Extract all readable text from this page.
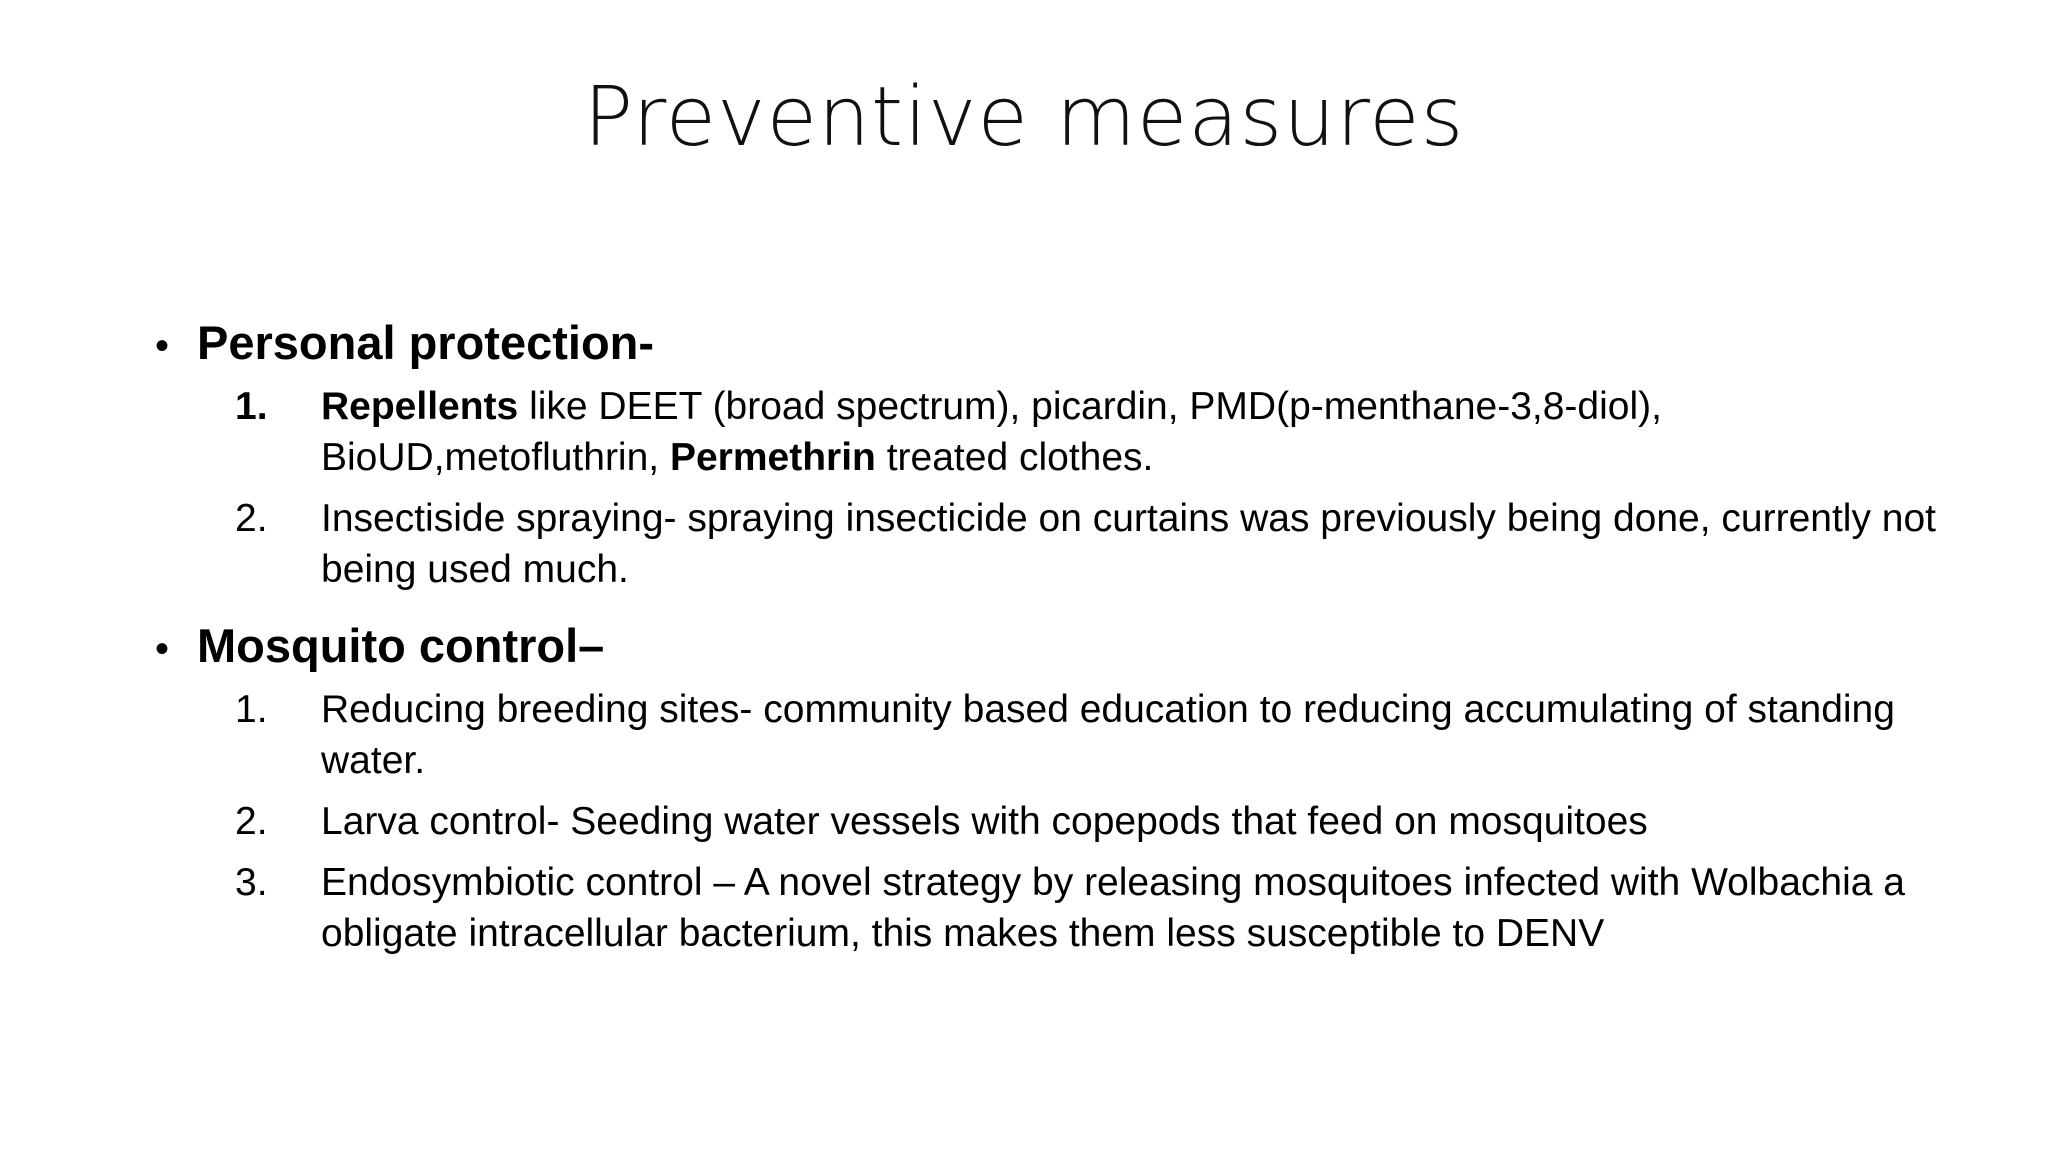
Preventive measures
• Personal protection-
1.	Repellents like DEET (broad spectrum), picardin, PMD(p-menthane-3,8-diol), BioUD,metofluthrin, Permethrin treated clothes.
2.	Insectiside spraying- spraying insecticide on curtains was previously being done, currently not being used much.
• Mosquito control–
1.	Reducing breeding sites- community based education to reducing accumulating of standing water.
2.	Larva control- Seeding water vessels with copepods that feed on mosquitoes
3.	Endosymbiotic control – A novel strategy by releasing mosquitoes infected with Wolbachia a obligate intracellular bacterium, this makes them less susceptible to DENV
